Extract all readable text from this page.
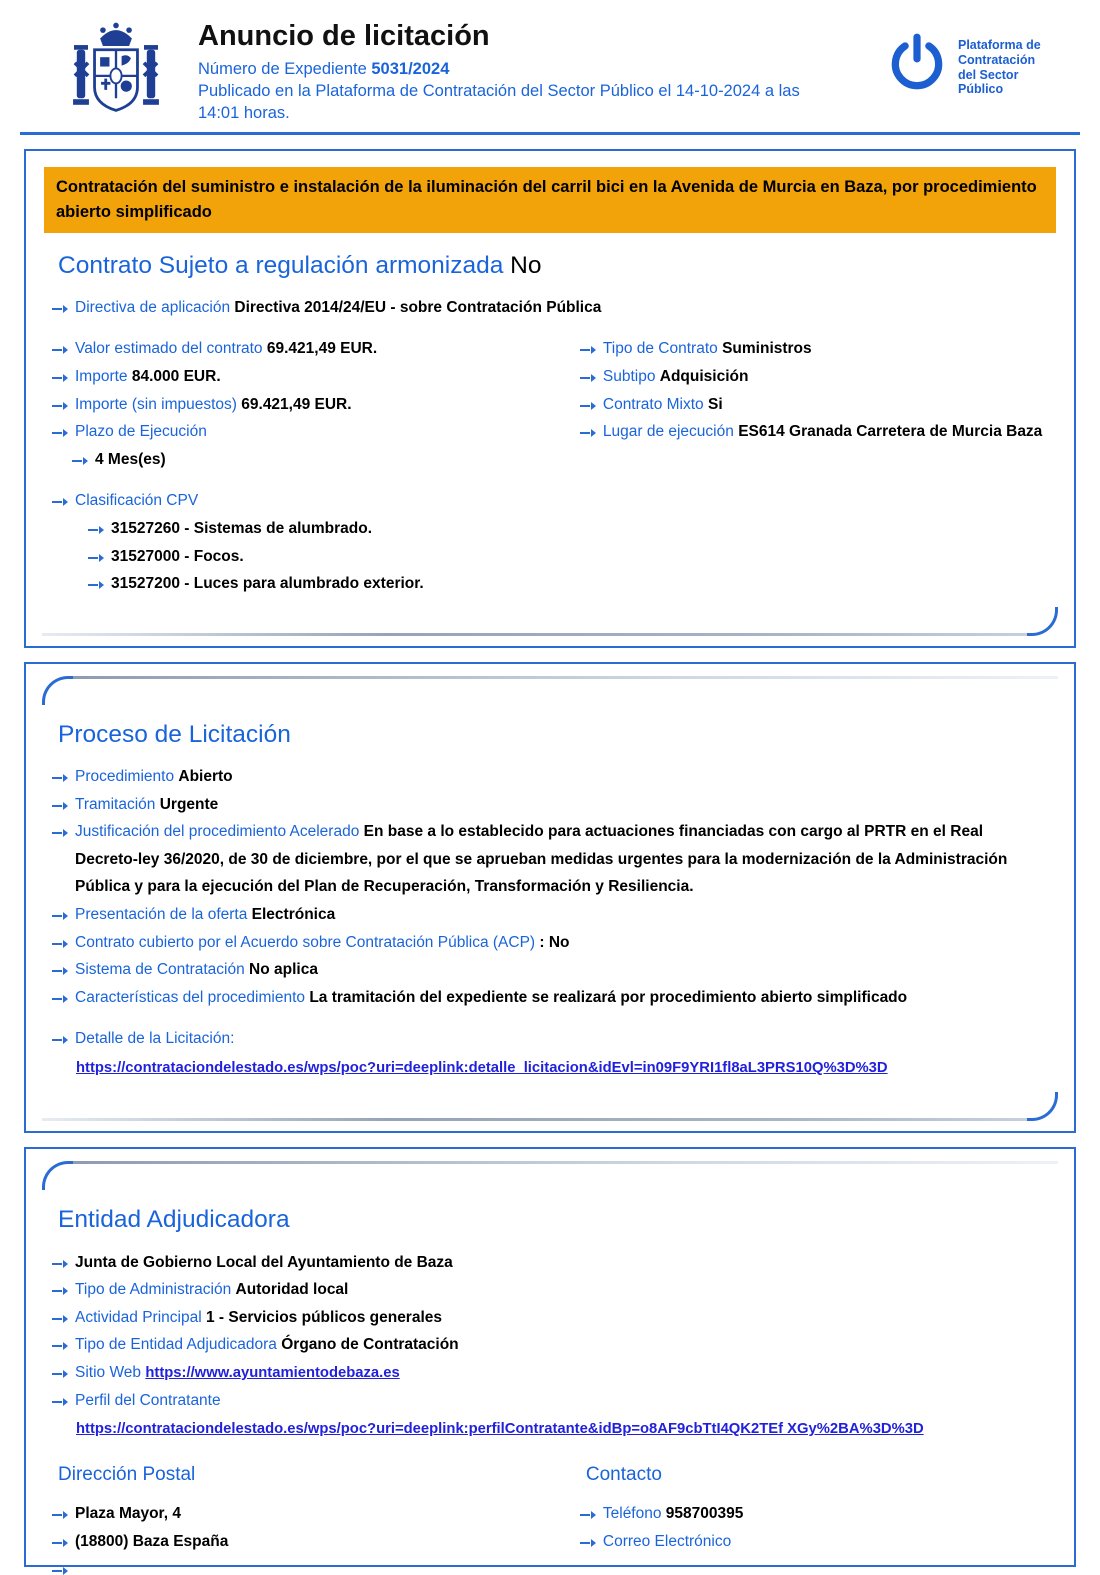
Anuncio de licitación
Número de Expediente 5031/2024
Publicado en la Plataforma de Contratación del Sector Público el 14-10-2024 a las 14:01 horas.
Plataforma de Contratación del Sector Público
Contratación del suministro e instalación de la iluminación del carril bici en la Avenida de Murcia en Baza, por procedimiento abierto simplificado
Contrato Sujeto a regulación armonizada No
Directiva de aplicación Directiva 2014/24/EU - sobre Contratación Pública
Valor estimado del contrato 69.421,49 EUR.
Importe 84.000 EUR.
Importe (sin impuestos) 69.421,49 EUR.
Plazo de Ejecución
4 Mes(es)
Tipo de Contrato Suministros
Subtipo Adquisición
Contrato Mixto Si
Lugar de ejecución ES614 Granada Carretera de Murcia Baza
Clasificación CPV
31527260 - Sistemas de alumbrado.
31527000 - Focos.
31527200 - Luces para alumbrado exterior.
Proceso de Licitación
Procedimiento Abierto
Tramitación Urgente
Justificación del procedimiento Acelerado En base a lo establecido para actuaciones financiadas con cargo al PRTR en el Real Decreto-ley 36/2020, de 30 de diciembre, por el que se aprueban medidas urgentes para la modernización de la Administración Pública y para la ejecución del Plan de Recuperación, Transformación y Resiliencia.
Presentación de la oferta Electrónica
Contrato cubierto por el Acuerdo sobre Contratación Pública (ACP) : No
Sistema de Contratación No aplica
Características del procedimiento La tramitación del expediente se realizará por procedimiento abierto simplificado
Detalle de la Licitación:
https://contrataciondelestado.es/wps/poc?uri=deeplink:detalle_licitacion&idEvl=in09F9YRI1fl8aL3PRS10Q%3D%3D
Entidad Adjudicadora
Junta de Gobierno Local del Ayuntamiento de Baza
Tipo de Administración Autoridad local
Actividad Principal 1 - Servicios públicos generales
Tipo de Entidad Adjudicadora Órgano de Contratación
Sitio Web https://www.ayuntamientodebaza.es
Perfil del Contratante
https://contrataciondelestado.es/wps/poc?uri=deeplink:perfilContratante&idBp=o8AF9cbTtI4QK2TEf XGy%2BA%3D%3D
Dirección Postal
Plaza Mayor, 4
(18800) Baza España
Contacto
Teléfono 958700395
Correo Electrónico
